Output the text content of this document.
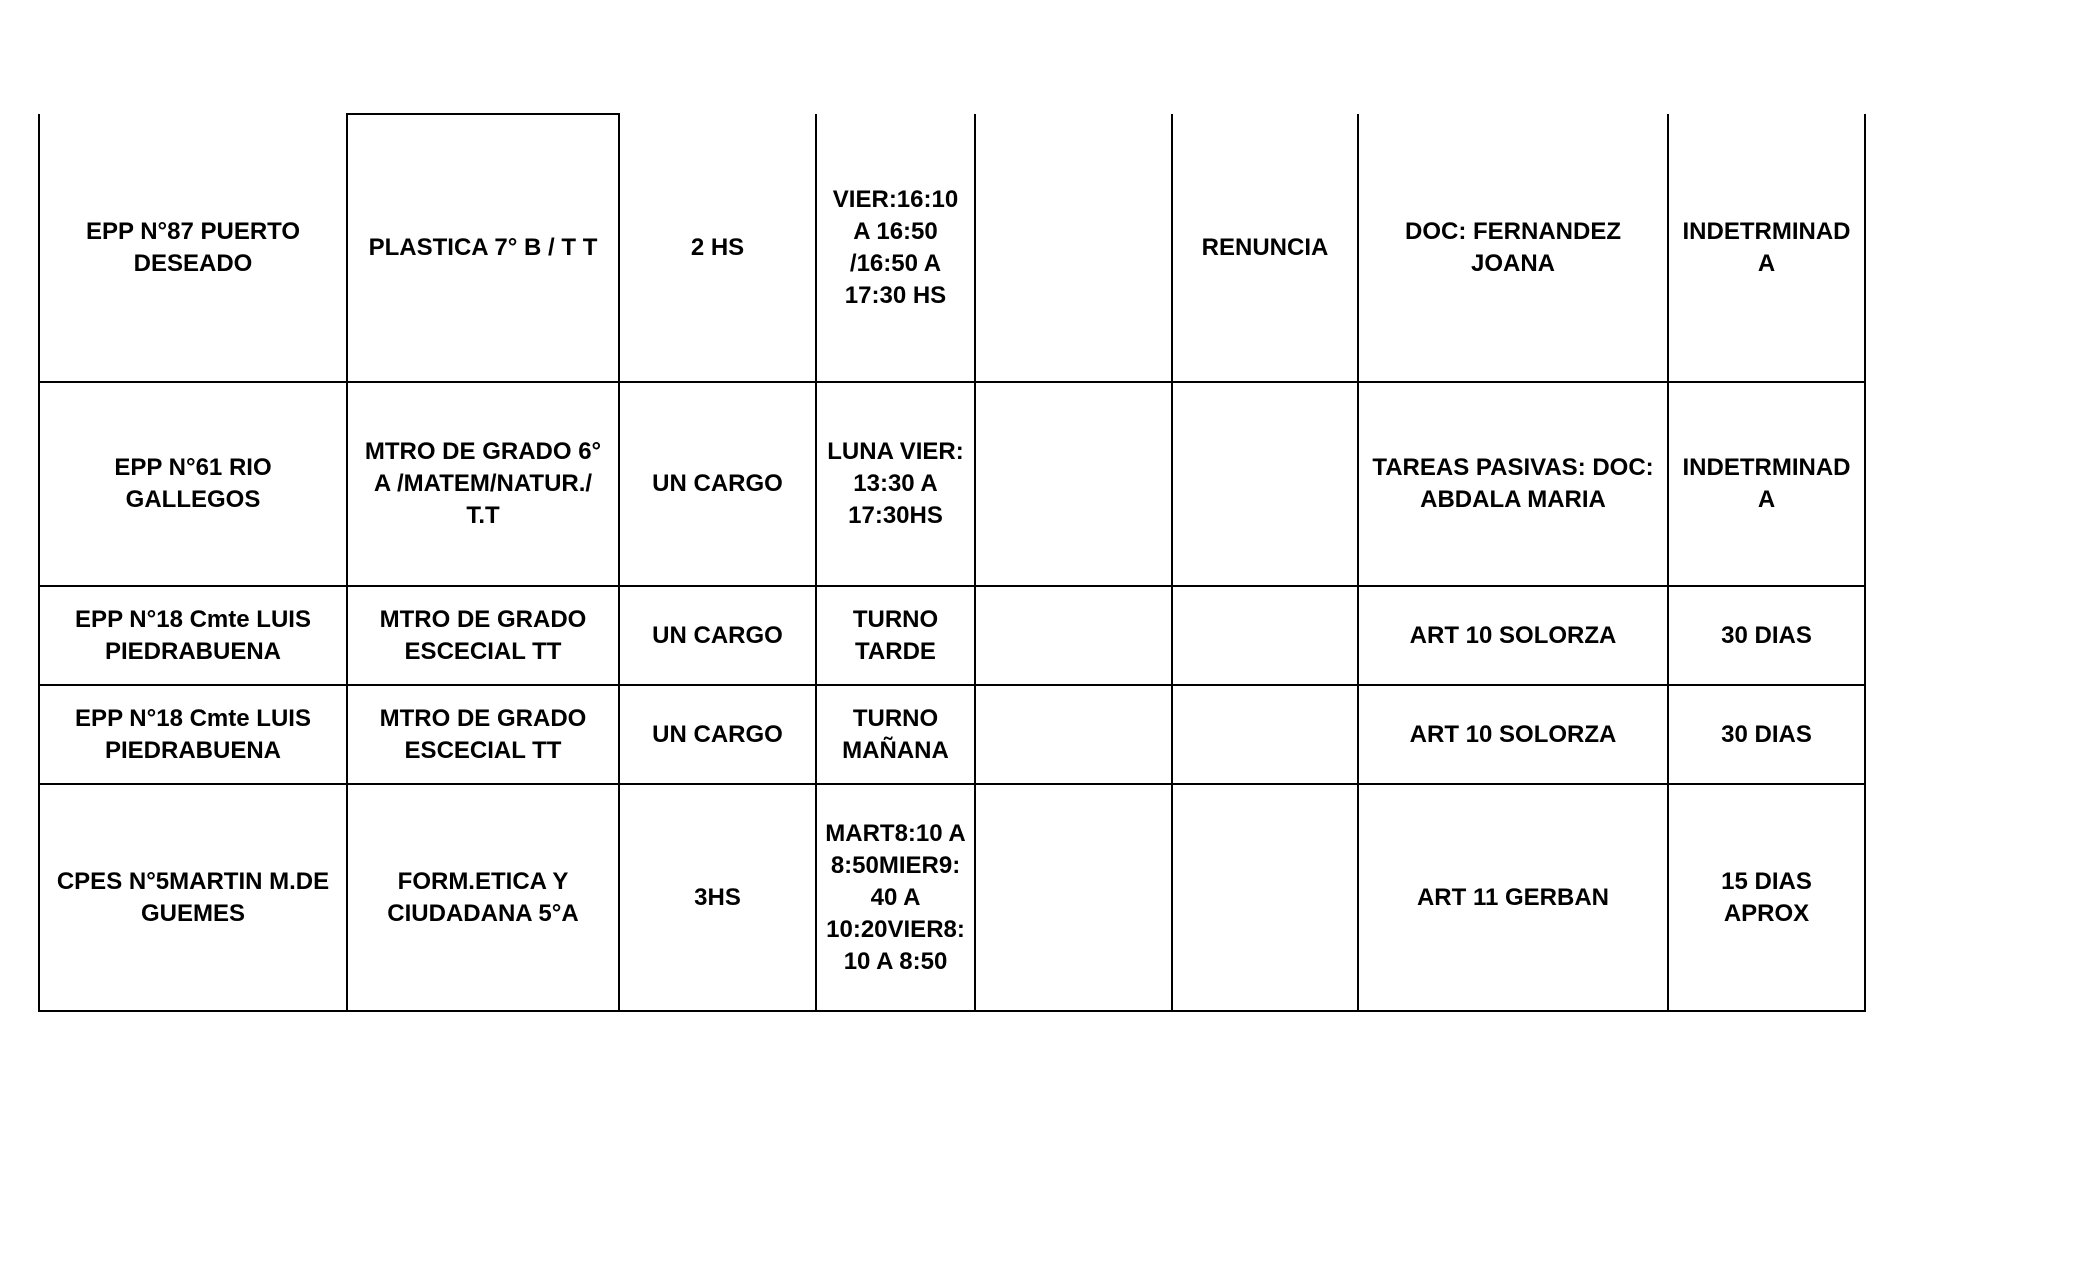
EPP N°87 PUERTO
DESEADO	PLASTICA 7° B / T T	2 HS	VIER:16:10
A 16:50
/16:50 A
17:30 HS		RENUNCIA	DOC: FERNANDEZ
JOANA	INDETRMINAD
A
EPP N°61 RIO
GALLEGOS	MTRO DE GRADO 6°
A /MATEM/NATUR./
T.T	UN CARGO	LUNA VIER:
13:30 A
17:30HS			TAREAS PASIVAS: DOC:
ABDALA MARIA	INDETRMINAD
A
EPP N°18 Cmte LUIS
PIEDRABUENA	MTRO DE GRADO
ESCECIAL TT	UN CARGO	TURNO
TARDE			ART 10 SOLORZA	30 DIAS
EPP N°18 Cmte LUIS
PIEDRABUENA	MTRO DE GRADO
ESCECIAL TT	UN CARGO	TURNO
MAÑANA			ART 10 SOLORZA	30 DIAS
CPES N°5MARTIN M.DE
GUEMES	FORM.ETICA Y
CIUDADANA 5°A	3HS	MART8:10 A
8:50MIER9:
40 A
10:20VIER8:
10 A 8:50			ART 11 GERBAN	15 DIAS
APROX
